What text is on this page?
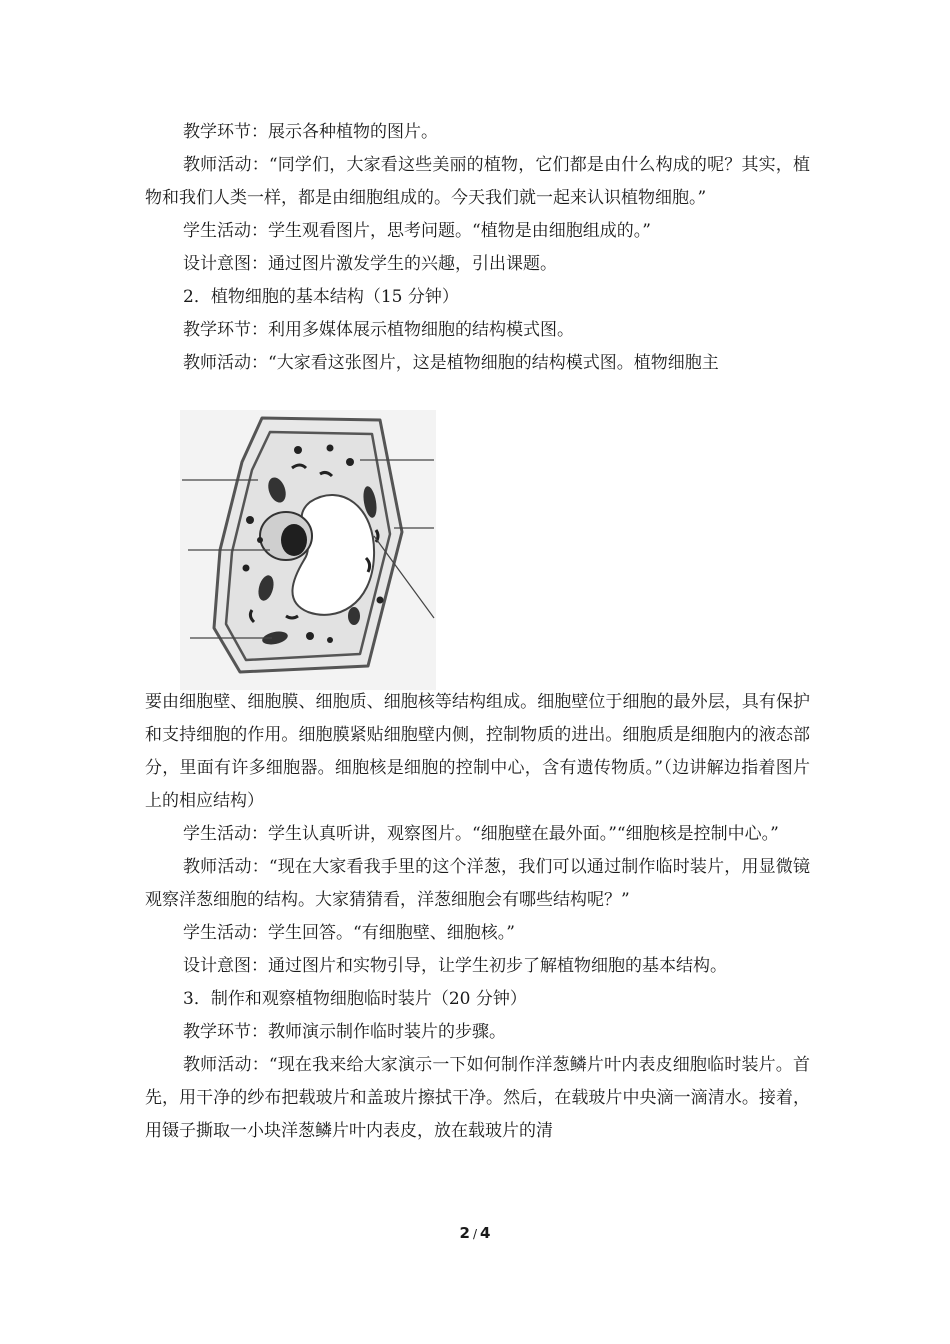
教学环节：展示各种植物的图片。

教师活动：“同学们，大家看这些美丽的植物，它们都是由什么构成的呢？其实，植物和我们人类一样，都是由细胞组成的。今天我们就一起来认识植物细胞。”

学生活动：学生观看图片，思考问题。“植物是由细胞组成的。”

设计意图：通过图片激发学生的兴趣，引出课题。

2．植物细胞的基本结构（15 分钟）

教学环节：利用多媒体展示植物细胞的结构模式图。

教师活动：“大家看这张图片，这是植物细胞的结构模式图。植物细胞主

要由细胞壁、细胞膜、细胞质、细胞核等结构组成。细胞壁位于细胞的最外层，具有保护和支持细胞的作用。细胞膜紧贴细胞壁内侧，控制物质的进出。细胞质是细胞内的液态部分，里面有许多细胞器。细胞核是细胞的控制中心，含有遗传物质。”（边讲解边指着图片上的相应结构）

学生活动：学生认真听讲，观察图片。“细胞壁在最外面。”“细胞核是控制中心。”

教师活动：“现在大家看我手里的这个洋葱，我们可以通过制作临时装片，用显微镜观察洋葱细胞的结构。大家猜猜看，洋葱细胞会有哪些结构呢？”

学生活动：学生回答。“有细胞壁、细胞核。”

设计意图：通过图片和实物引导，让学生初步了解植物细胞的基本结构。

3．制作和观察植物细胞临时装片（20 分钟）

教学环节：教师演示制作临时装片的步骤。

教师活动：“现在我来给大家演示一下如何制作洋葱鳞片叶内表皮细胞临时装片。首先，用干净的纱布把载玻片和盖玻片擦拭干净。然后，在载玻片中央滴一滴清水。接着，用镊子撕取一小块洋葱鳞片叶内表皮，放在载玻片的清

2 / 4
